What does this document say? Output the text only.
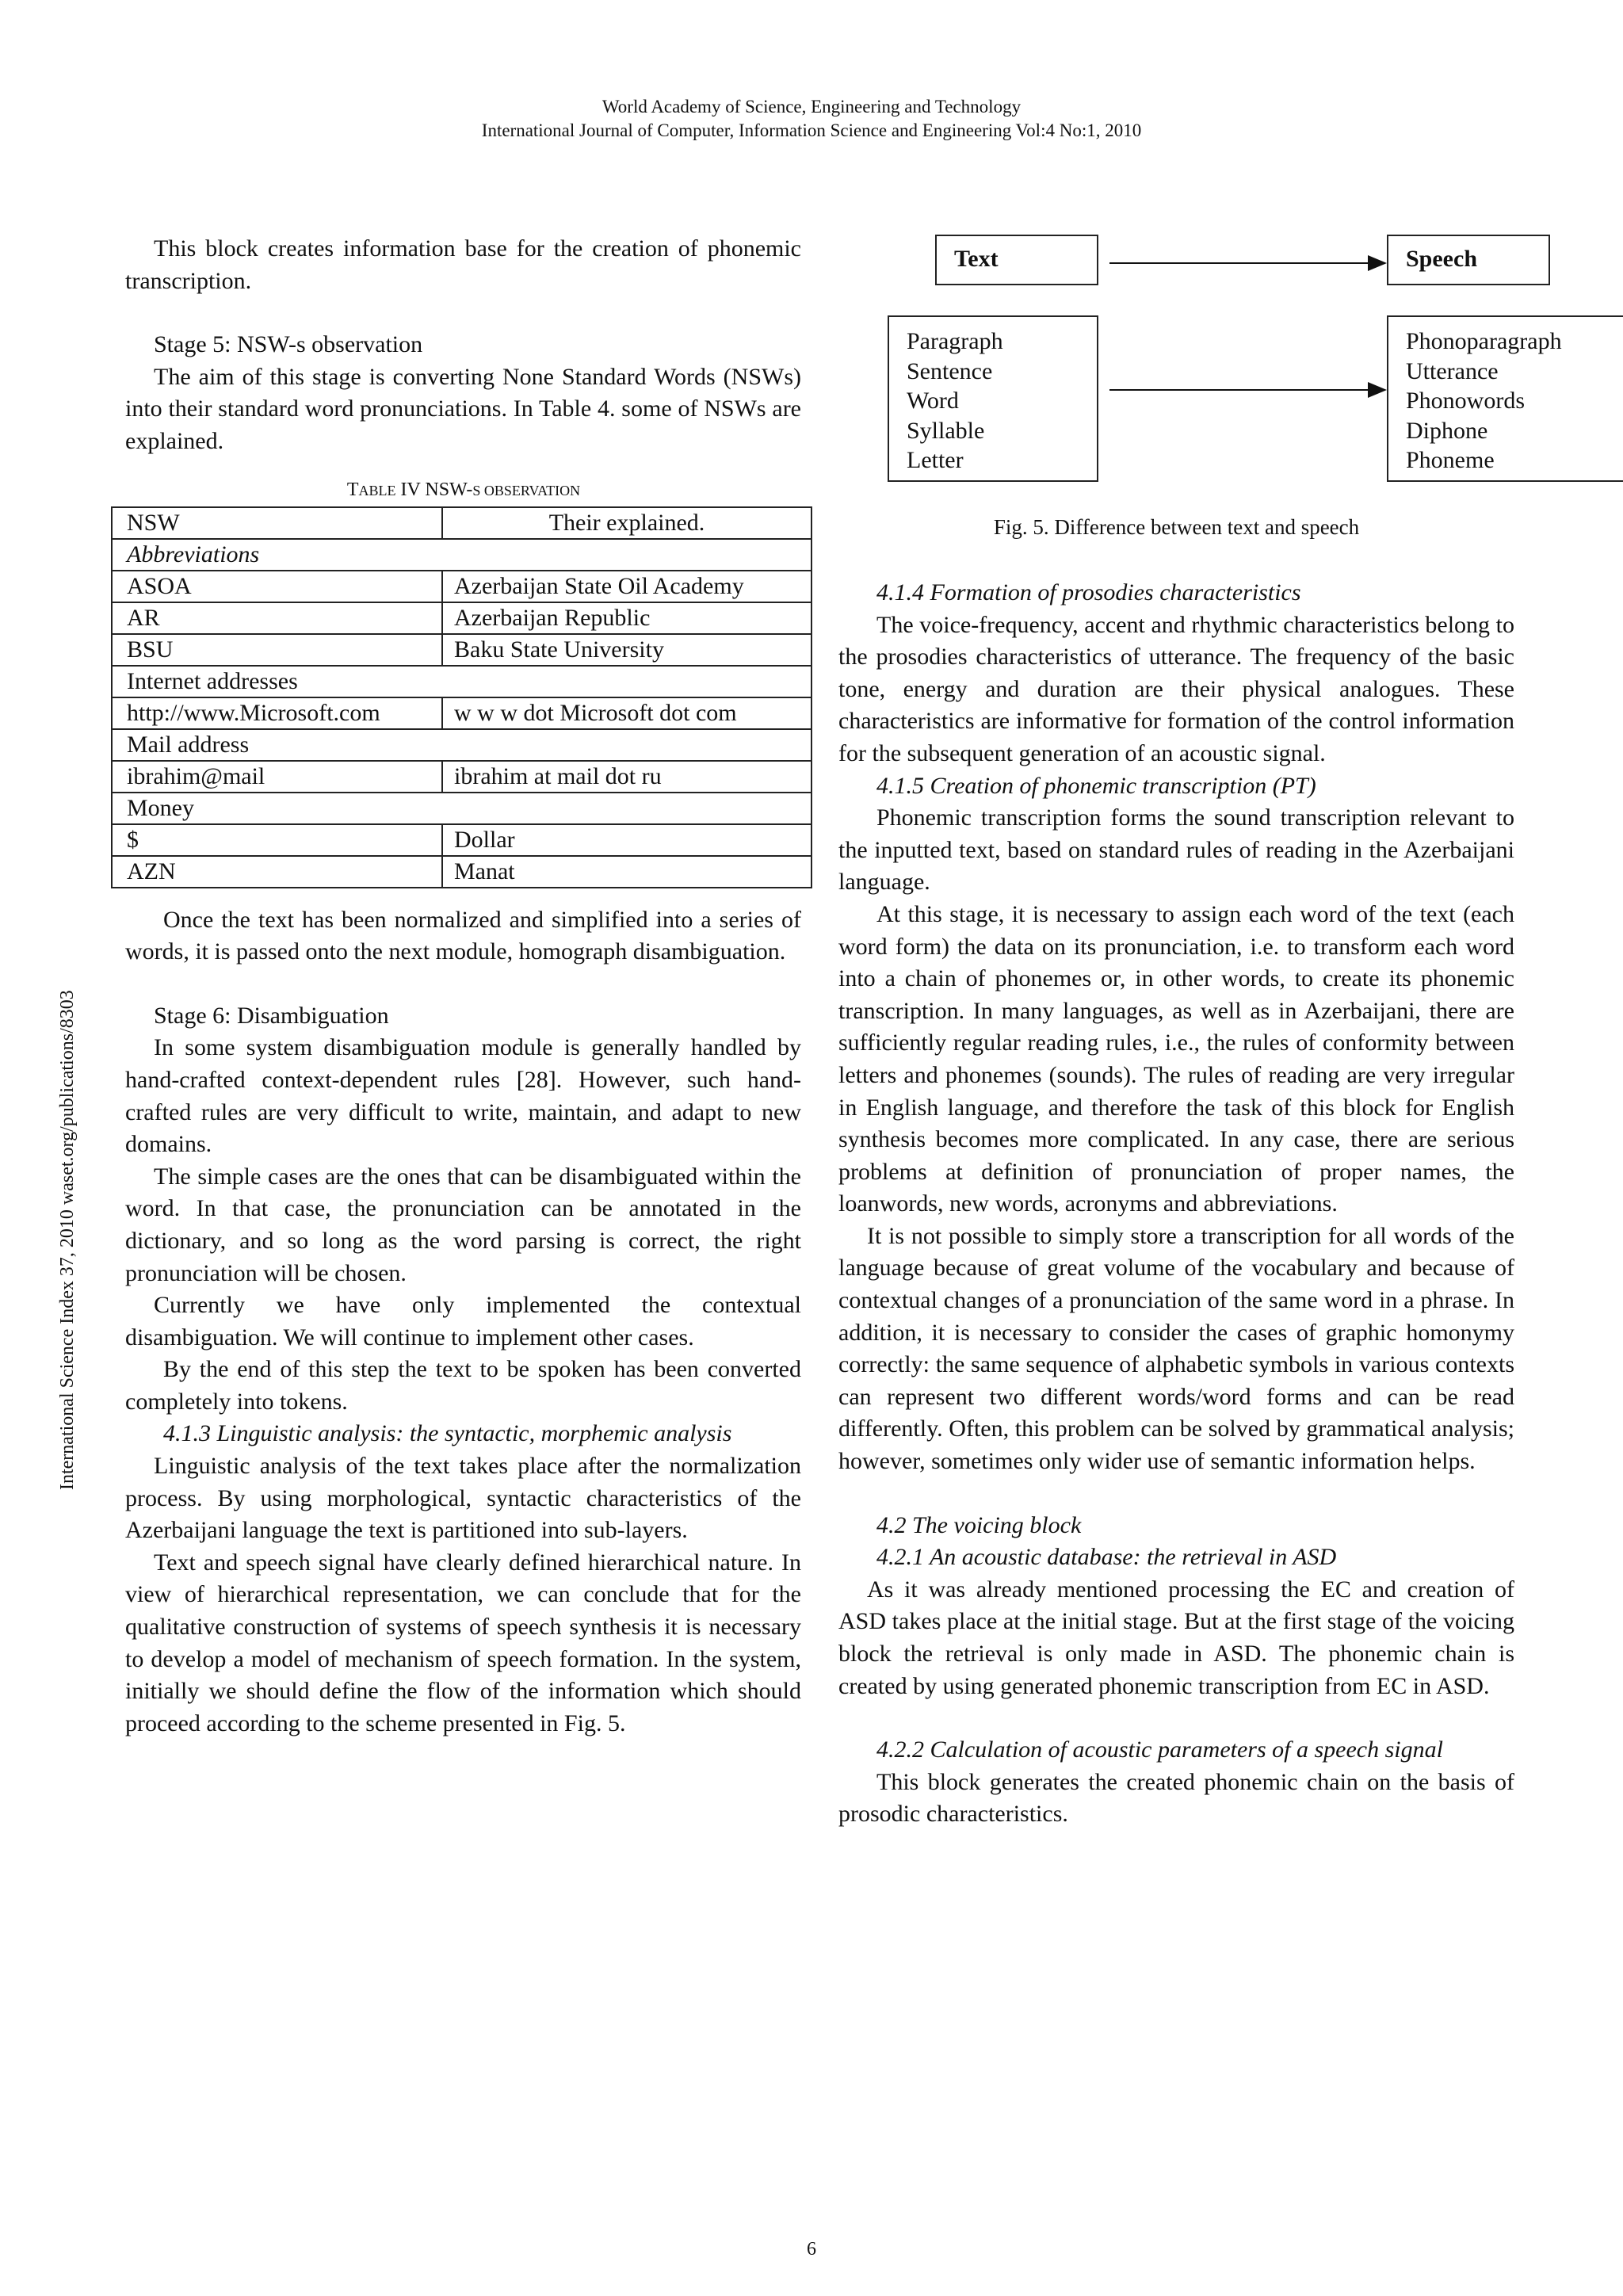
World Academy of Science, Engineering and Technology
International Journal of Computer, Information Science and Engineering Vol:4 No:1, 2010
International Science Index 37, 2010 waset.org/publications/8303

This block creates information base for the creation of phonemic transcription.

Stage 5: NSW-s observation

The aim of this stage is converting None Standard Words (NSWs) into their standard word pronunciations. In Table 4. some of NSWs are explained.

TABLE IV NSW-S OBSERVATION
NSW	Their explained.
Abbreviations	
ASOA	Azerbaijan State Oil Academy
AR	Azerbaijan Republic
BSU	Baku State University
Internet addresses	
http://www.Microsoft.com	w w w dot Microsoft dot com
Mail address	
ibrahim@mail	ibrahim at mail dot ru
Money	
$	Dollar
AZN	Manat

Once the text has been normalized and simplified into a series of words, it is passed onto the next module, homograph disambiguation.

Stage 6: Disambiguation

In some system disambiguation module is generally handled by hand-crafted context-dependent rules [28]. However, such hand-crafted rules are very difficult to write, maintain, and adapt to new domains.

The simple cases are the ones that can be disambiguated within the word. In that case, the pronunciation can be annotated in the dictionary, and so long as the word parsing is correct, the right pronunciation will be chosen.

Currently we have only implemented the contextual disambiguation. We will continue to implement other cases.

By the end of this step the text to be spoken has been converted completely into tokens.

4.1.3 Linguistic analysis: the syntactic, morphemic analysis

Linguistic analysis of the text takes place after the normalization process. By using morphological, syntactic characteristics of the Azerbaijani language the text is partitioned into sub-layers.

Text and speech signal have clearly defined hierarchical nature. In view of hierarchical representation, we can conclude that for the qualitative construction of systems of speech synthesis it is necessary to develop a model of mechanism of speech formation. In the system, initially we should define the flow of the information which should proceed according to the scheme presented in Fig. 5.

Text	Speech
Paragraph
Sentence
Word
Syllable
Letter
Phonoparagraph
Utterance
Phonowords
Diphone
Phoneme
Fig. 5. Difference between text and speech

4.1.4 Formation of prosodies characteristics

The voice-frequency, accent and rhythmic characteristics belong to the prosodies characteristics of utterance. The frequency of the basic tone, energy and duration are their physical analogues. These characteristics are informative for formation of the control information for the subsequent generation of an acoustic signal.

4.1.5 Creation of phonemic transcription (PT)

Phonemic transcription forms the sound transcription relevant to the inputted text, based on standard rules of reading in the Azerbaijani language.

At this stage, it is necessary to assign each word of the text (each word form) the data on its pronunciation, i.e. to transform each word into a chain of phonemes or, in other words, to create its phonemic transcription. In many languages, as well as in Azerbaijani, there are sufficiently regular reading rules, i.e., the rules of conformity between letters and phonemes (sounds). The rules of reading are very irregular in English language, and therefore the task of this block for English synthesis becomes more complicated. In any case, there are serious problems at definition of pronunciation of proper names, the loanwords, new words, acronyms and abbreviations.

It is not possible to simply store a transcription for all words of the language because of great volume of the vocabulary and because of contextual changes of a pronunciation of the same word in a phrase. In addition, it is necessary to consider the cases of graphic homonymy correctly: the same sequence of alphabetic symbols in various contexts can represent two different words/word forms and can be read differently. Often, this problem can be solved by grammatical analysis; however, sometimes only wider use of semantic information helps.

4.2 The voicing block

4.2.1 An acoustic database: the retrieval in ASD

As it was already mentioned processing the EC and creation of ASD takes place at the initial stage. But at the first stage of the voicing block the retrieval is only made in ASD. The phonemic chain is created by using generated phonemic transcription from EC in ASD.

4.2.2 Calculation of acoustic parameters of a speech signal

This block generates the created phonemic chain on the basis of prosodic characteristics.

6
